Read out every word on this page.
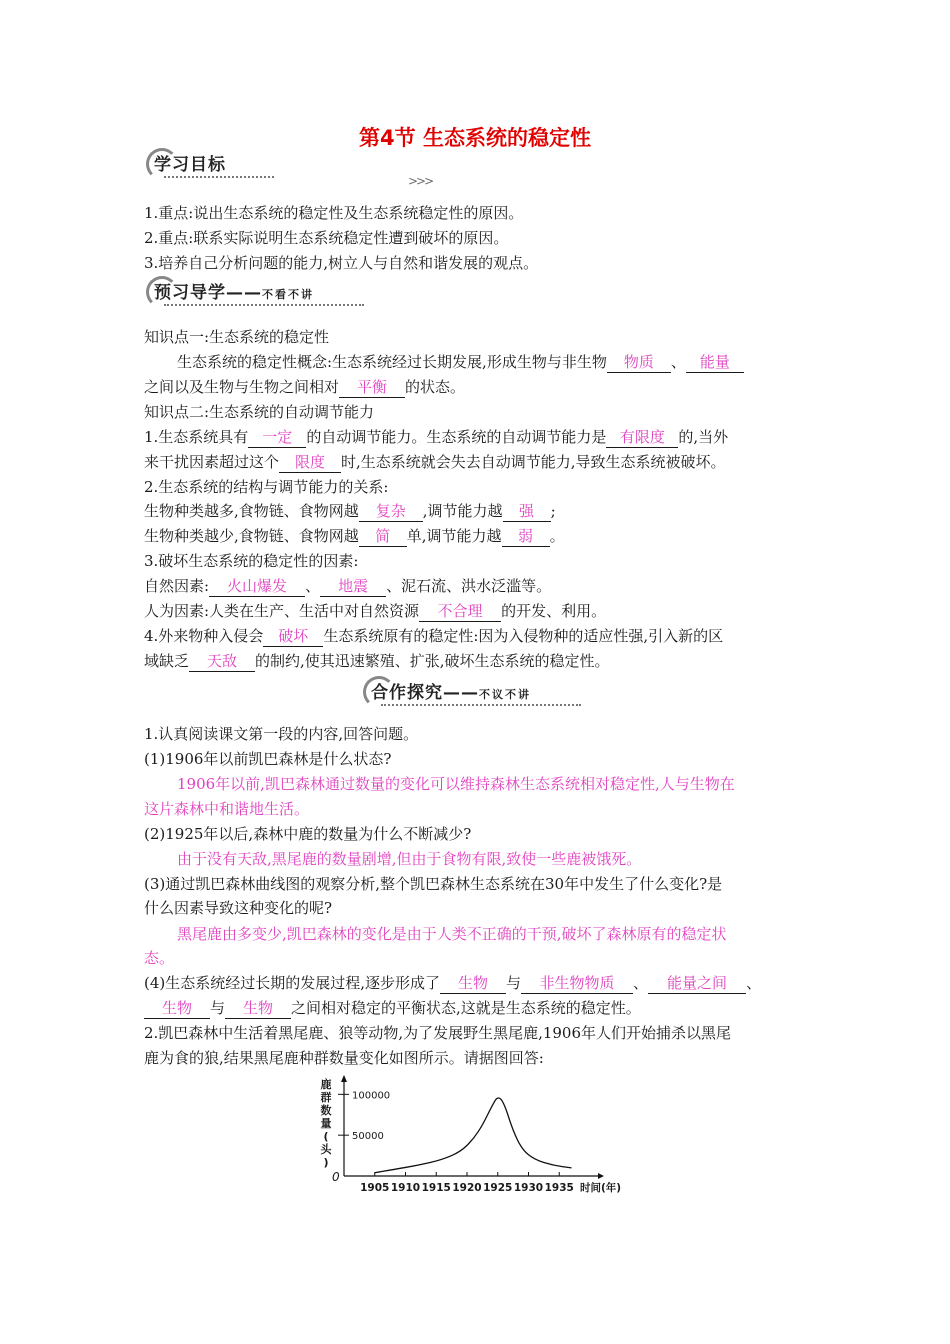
第4节 生态系统的稳定性
学习目标
>>>
1.重点:说出生态系统的稳定性及生态系统稳定性的原因。
2.重点:联系实际说明生态系统稳定性遭到破坏的原因。
3.培养自己分析问题的能力,树立人与自然和谐发展的观点。
预习导学——不看不讲
知识点一:生态系统的稳定性
生态系统的稳定性概念:生态系统经过长期发展,形成生物与非生物 物质 、 能量
之间以及生物与生物之间相对 平衡 的状态。
知识点二:生态系统的自动调节能力
1.生态系统具有 一定 的自动调节能力。生态系统的自动调节能力是 有限度 的,当外
来干扰因素超过这个 限度 时,生态系统就会失去自动调节能力,导致生态系统被破坏。
2.生态系统的结构与调节能力的关系:
生物种类越多,食物链、食物网越 复杂 ,调节能力越 强 ;
生物种类越少,食物链、食物网越 简 单,调节能力越 弱 。
3.破坏生态系统的稳定性的因素:
自然因素: 火山爆发 、 地震 、泥石流、洪水泛滥等。
人为因素:人类在生产、生活中对自然资源 不合理 的开发、利用。
4.外来物种入侵会 破坏 生态系统原有的稳定性:因为入侵物种的适应性强,引入新的区
域缺乏 天敌 的制约,使其迅速繁殖、扩张,破坏生态系统的稳定性。
合作探究——不议不讲
1.认真阅读课文第一段的内容,回答问题。
(1)1906年以前凯巴森林是什么状态?
1906年以前,凯巴森林通过数量的变化可以维持森林生态系统相对稳定性,人与生物在
这片森林中和谐地生活。
(2)1925年以后,森林中鹿的数量为什么不断减少?
由于没有天敌,黑尾鹿的数量剧增,但由于食物有限,致使一些鹿被饿死。
(3)通过凯巴森林曲线图的观察分析,整个凯巴森林生态系统在30年中发生了什么变化?是
什么因素导致这种变化的呢?
黑尾鹿由多变少,凯巴森林的变化是由于人类不正确的干预,破坏了森林原有的稳定状
态。
(4)生态系统经过长期的发展过程,逐步形成了 生物 与 非生物物质 、 能量之间 、
生物 与 生物 之间相对稳定的平衡状态,这就是生态系统的稳定性。
2.凯巴森林中生活着黑尾鹿、狼等动物,为了发展野生黑尾鹿,1906年人们开始捕杀以黑尾
鹿为食的狼,结果黑尾鹿种群数量变化如图所示。请据图回答:
0
50000
100000
鹿
群
数
量
(
头
)
1905 1910 1915 1920 1925 1930 1935 时间(年)
